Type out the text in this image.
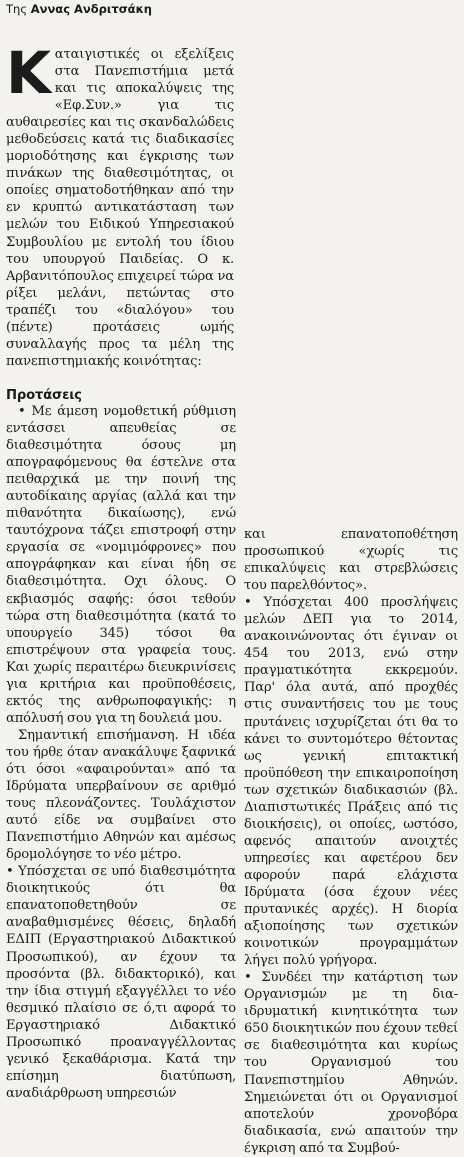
Της Αννας Ανδριτσάκη
Κ αταιγιστικές οι εξελίξεις στα Πανεπιστήμια μετά και τις αποκαλύψεις της «Εφ.Συν.» για τις αυθαιρεσίες και τις σκανδαλώδεις μεθοδεύσεις κατά τις διαδικασίες μοριοδότησης και έγκρισης των πινάκων της διαθεσιμότητας, οι οποίες σηματοδοτήθηκαν από την εν κρυπτώ αντικατάσταση των μελών του Ειδικού Υπηρεσιακού Συμβουλίου με εντολή του ίδιου του υπουργού Παιδείας. Ο κ. Αρβανιτόπουλος επιχειρεί τώρα να ρίξει μελάνι, πετώντας στο τραπέζι του «διαλόγου» του (πέντε) προτάσεις ωμής συναλλαγής προς τα μέλη της πανεπιστημιακής κοινότητας:
Προτάσεις

• Με άμεση νομοθετική ρύθμιση εντάσσει απευθείας σε διαθεσιμότητα όσους μη απογραφόμενους θα έστελνε στα πειθαρχικά με την ποινή της αυτοδίκαιης αργίας (αλλά και την πιθανότητα δικαίωσης), ενώ ταυτόχρονα τάζει επιστροφή στην εργασία σε «νομιμόφρονες» που απογράφηκαν και είναι ήδη σε διαθεσιμότητα. Οχι όλους. Ο εκβιασμός σαφής: όσοι τεθούν τώρα στη διαθεσιμότητα (κατά το υπουργείο 345) τόσοι θα επιστρέψουν στα γραφεία τους. Και χωρίς περαιτέρω διευκρινίσεις για κριτήρια και προϋποθέσεις, εκτός της ανθρωποφαγικής: η απόλυσή σου για τη δουλειά μου.

Σημαντική επισήμανση. Η ιδέα του ήρθε όταν ανακάλυψε ξαφνικά ότι όσοι «αφαιρούνται» από τα Ιδρύματα υπερβαίνουν σε αριθμό τους πλεονάζοντες. Τουλάχιστον αυτό είδε να συμβαίνει στο Πανεπιστήμιο Αθηνών και αμέσως δρομολόγησε το νέο μέτρο.

• Υπόσχεται σε υπό διαθεσιμότητα διοικητικούς ότι θα επανατοποθετηθούν σε αναβαθμισμένες θέσεις, δηλαδή ΕΔΙΠ (Εργαστηριακού Διδακτικού Προσωπικού), αν έχουν τα προσόντα (βλ. διδακτορικό), και την ίδια στιγμή εξαγγέλλει το νέο θεσμικό πλαίσιο σε ό,τι αφορά το Εργαστηριακό Διδακτικό Προσωπικό προαναγγέλλοντας γενικό ξεκαθάρισμα. Κατά την επίσημη διατύπωση, αναδιάρθρωση υπηρεσιών

και επανατοποθέτηση προσωπικού «χωρίς τις επικαλύψεις και στρεβλώσεις του παρελθόντος».

• Υπόσχεται 400 προσλήψεις μελών ΔΕΠ για το 2014, ανακοινώνοντας ότι έγιναν οι 454 του 2013, ενώ στην πραγματικότητα εκκρεμούν. Παρ' όλα αυτά, από προχθές στις συναντήσεις του με τους πρυτάνεις ισχυρίζεται ότι θα το κάνει το συντομότερο θέτοντας ως γενική επιτακτική προϋπόθεση την επικαιροποίηση των σχετικών διαδικασιών (βλ. Διαπιστωτικές Πράξεις από τις διοικήσεις), οι οποίες, ωστόσο, αφενός απαιτούν ανοιχτές υπηρεσίες και αφετέρου δεν αφορούν παρά ελάχιστα Ιδρύματα (όσα έχουν νέες πρυτανικές αρχές). Η διορία αξιοποίησης των σχετικών κοινοτικών προγραμμάτων λήγει πολύ γρήγορα.

• Συνδέει την κατάρτιση των Οργανισμών με τη δια-ιδρυματική κινητικότητα των 650 διοικητικών που έχουν τεθεί σε διαθεσιμότητα και κυρίως του Οργανισμού του Πανεπιστημίου Αθηνών. Σημειώνεται ότι οι Οργανισμοί αποτελούν χρονοβόρα διαδικασία, ενώ απαιτούν την έγκριση από τα Συμβού-
